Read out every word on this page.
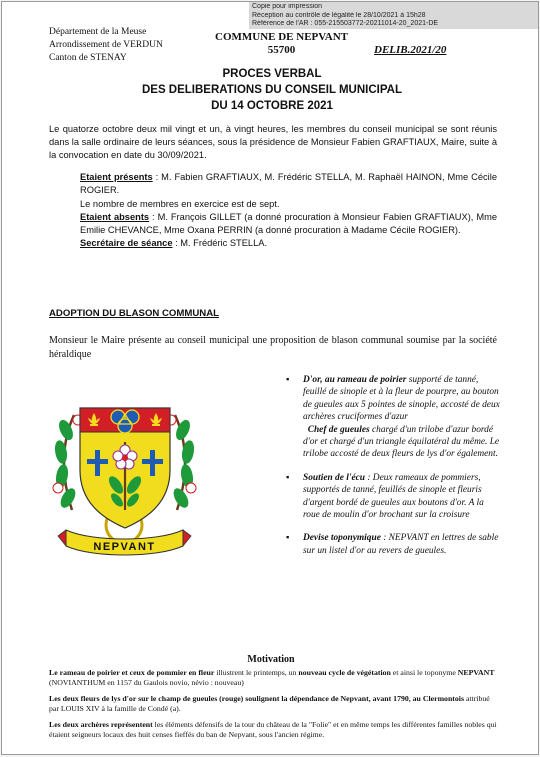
Copie pour impression
Réception au contrôle de légalité le 28/10/2021 à 15h28
Référence de l'AR : 055-215503772-20211014-20_2021-DE
Département de la Meuse
Arrondissement de VERDUN
Canton de STENAY
COMMUNE DE NEPVANT
55700	DELIB.2021/20
PROCES VERBAL
DES DELIBERATIONS DU CONSEIL MUNICIPAL
DU 14 OCTOBRE 2021
Le quatorze octobre deux mil vingt et un, à vingt heures, les membres du conseil municipal se sont réunis dans la salle ordinaire de leurs séances, sous la présidence de Monsieur Fabien GRAFTIAUX, Maire, suite à la convocation en date du 30/09/2021.

Etaient présents : M. Fabien GRAFTIAUX, M. Frédéric STELLA, M. Raphaël HAINON, Mme Cécile ROGIER.

Le nombre de membres en exercice est de sept.

Etaient absents : M. François GILLET (a donné procuration à Monsieur Fabien GRAFTIAUX), Mme Emilie CHEVANCE, Mme Oxana PERRIN (a donné procuration à Madame Cécile ROGIER).

Secrétaire de séance : M. Frédéric STELLA.

ADOPTION DU BLASON COMMUNAL
Monsieur le Maire présente au conseil municipal une proposition de blason communal soumise par la société héraldique
NEPVANT
▪ D'or, au rameau de poirier supporté de tanné, feuillé de sinople et à la fleur de pourpre, au bouton de gueules aux 5 pointes de sinople, accosté de deux archères cruciformes d'azur
Chef de gueules chargé d'un trilobe d'azur bordé d'or et chargé d'un triangle équilatéral du même. Le trilobe accosté de deux fleurs de lys d'or également.
▪ Soutien de l'écu : Deux rameaux de pommiers, supportés de tanné, feuillés de sinople et fleuris d'argent bordé de gueules aux boutons d'or. A la roue de moulin d'or brochant sur la croisure
▪ Devise toponymique : NEPVANT en lettres de sable sur un listel d'or au revers de gueules.
Motivation

Le rameau de poirier et ceux de pommier en fleur illustrent le printemps, un nouveau cycle de végétation et ainsi le toponyme NEPVANT (NOVIANTHUM en 1157 du Gaulois novio, névio : nouveau)

Les deux fleurs de lys d'or sur le champ de gueules (rouge) soulignent la dépendance de Nepvant, avant 1790, au Clermontois attribué par LOUIS XIV à la famille de Condé (a).

Les deux archères représentent les éléments défensifs de la tour du château de la "Folie" et en même temps les différentes familles nobles qui étaient seigneurs locaux des huit censes fieffés du ban de Nepvant, sous l'ancien régime.
